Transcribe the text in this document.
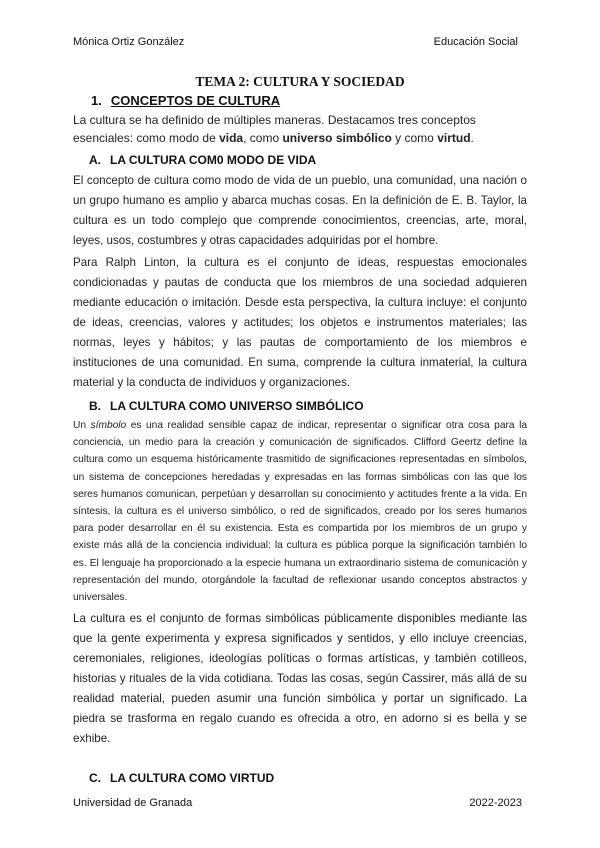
Mónica Ortiz González	Educación Social
TEMA 2: CULTURA Y SOCIEDAD
1. CONCEPTOS DE CULTURA

La cultura se ha definido de múltiples maneras. Destacamos tres conceptos esenciales: como modo de vida, como universo simbólico y como virtud.

A. LA CULTURA COM0 MODO DE VIDA

El concepto de cultura como modo de vida de un pueblo, una comunidad, una nación o un grupo humano es amplio y abarca muchas cosas. En la definición de E. B. Taylor, la cultura es un todo complejo que comprende conocimientos, creencias, arte, moral, leyes, usos, costumbres y otras capacidades adquiridas por el hombre.

Para Ralph Linton, la cultura es el conjunto de ideas, respuestas emocionales condicionadas y pautas de conducta que los miembros de una sociedad adquieren mediante educación o imitación. Desde esta perspectiva, la cultura incluye: el conjunto de ideas, creencias, valores y actitudes; los objetos e instrumentos materiales; las normas, leyes y hábitos; y las pautas de comportamiento de los miembros e instituciones de una comunidad. En suma, comprende la cultura inmaterial, la cultura material y la conducta de individuos y organizaciones.

B. LA CULTURA COMO UNIVERSO SIMBÓLICO

Un símbolo es una realidad sensible capaz de indicar, representar o significar otra cosa para la conciencia, un medio para la creación y comunicación de significados. Clifford Geertz define la cultura como un esquema históricamente trasmitido de significaciones representadas en símbolos, un sistema de concepciones heredadas y expresadas en las formas simbólicas con las que los seres humanos comunican, perpetúan y desarrollan su conocimiento y actitudes frente a la vida. En síntesis, la cultura es el universo simbólico, o red de significados, creado por los seres humanos para poder desarrollar en él su existencia. Esta es compartida por los miembros de un grupo y existe más allá de la conciencia individual: la cultura es pública porque la significación también lo es. El lenguaje ha proporcionado a la especie humana un extraordinario sistema de comunicación y representación del mundo, otorgándole la facultad de reflexionar usando conceptos abstractos y universales.

La cultura es el conjunto de formas simbólicas públicamente disponibles mediante las que la gente experimenta y expresa significados y sentidos, y ello incluye creencias, ceremoniales, religiones, ideologías políticas o formas artísticas, y también cotilleos, historias y rituales de la vida cotidiana. Todas las cosas, según Cassirer, más allá de su realidad material, pueden asumir una función simbólica y portar un significado. La piedra se trasforma en regalo cuando es ofrecida a otro, en adorno si es bella y se exhibe.

C. LA CULTURA COMO VIRTUD
Universidad de Granada	2022-2023
